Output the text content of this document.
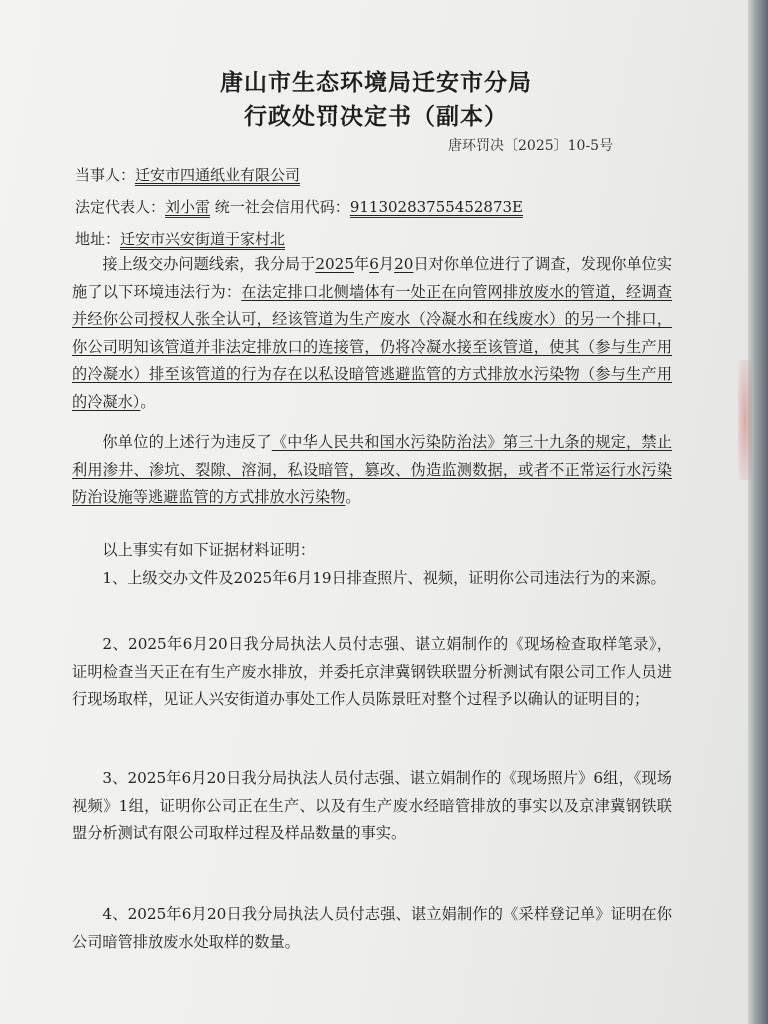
唐山市生态环境局迁安市分局
行政处罚决定书（副本）
唐环罚决〔2025〕10-5号
当事人：迁安市四通纸业有限公司
法定代表人：刘小雷 统一社会信用代码：91130283755452873E
地址：迁安市兴安街道于家村北
接上级交办问题线索，我分局于2025年6月20日对你单位进行了调查，发现你单位实施了以下环境违法行为：在法定排口北侧墙体有一处正在向管网排放废水的管道，经调查并经你公司授权人张全认可，经该管道为生产废水（冷凝水和在线废水）的另一个排口，你公司明知该管道并非法定排放口的连接管，仍将冷凝水接至该管道，使其（参与生产用的冷凝水）排至该管道的行为存在以私设暗管逃避监管的方式排放水污染物（参与生产用的冷凝水）。
你单位的上述行为违反了《中华人民共和国水污染防治法》第三十九条的规定，禁止利用渗井、渗坑、裂隙、溶洞，私设暗管，篡改、伪造监测数据，或者不正常运行水污染防治设施等逃避监管的方式排放水污染物。
以上事实有如下证据材料证明：
1、上级交办文件及2025年6月19日排查照片、视频，证明你公司违法行为的来源。
2、2025年6月20日我分局执法人员付志强、谌立娟制作的《现场检查取样笔录》，证明检查当天正在有生产废水排放，并委托京津冀钢铁联盟分析测试有限公司工作人员进行现场取样，见证人兴安街道办事处工作人员陈景旺对整个过程予以确认的证明目的；
3、2025年6月20日我分局执法人员付志强、谌立娟制作的《现场照片》6组，《现场视频》1组，证明你公司正在生产、以及有生产废水经暗管排放的事实以及京津冀钢铁联盟分析测试有限公司取样过程及样品数量的事实。
4、2025年6月20日我分局执法人员付志强、谌立娟制作的《采样登记单》证明在你公司暗管排放废水处取样的数量。
